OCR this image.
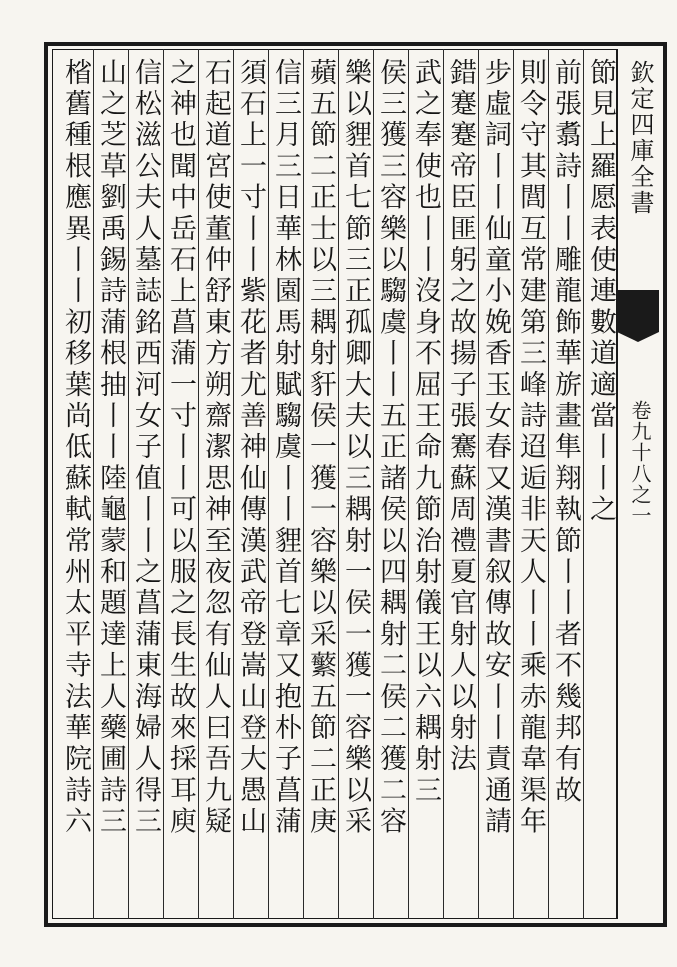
欽定四庫全書
卷九十八之一
節見上羅愿表使連數道適當丨丨之
前張翥詩丨丨雕龍飾華旂畫隼翔執節丨丨者不幾邦有故
則令守其閭互常建第三峰詩迢逅非天人丨丨乘赤龍韋渠年
步虛詞丨丨仙童小娩香玉女春又漢書叙傳故安丨丨責通請
錯蹇蹇帝臣匪躬之故揚子張騫蘇周禮夏官射人以射法
武之奉使也丨丨沒身不屈王命九節治射儀王以六耦射三
侯三獲三容樂以騶虞丨丨五正諸侯以四耦射二侯二獲二容
樂以貍首七節三正孤卿大夫以三耦射一侯一獲一容樂以采
蘋五節二正士以三耦射豻侯一獲一容樂以采蘩五節二正庚
信三月三日華林園馬射賦騶虞丨丨貍首七章又抱朴子菖蒲
須石上一寸丨丨紫花者尤善神仙傳漢武帝登嵩山登大愚山
石起道宮使董仲舒東方朔齋潔思神至夜忽有仙人曰吾九疑
之神也聞中岳石上菖蒲一寸丨丨可以服之長生故來採耳庾
信松滋公夫人墓誌銘西河女子值丨丨之菖蒲東海婦人得三
山之芝草劉禹錫詩蒲根抽丨丨陸龜蒙和題達上人藥圃詩三
㮐舊種根應異丨丨初移葉尚低蘇軾常州太平寺法華院詩六
